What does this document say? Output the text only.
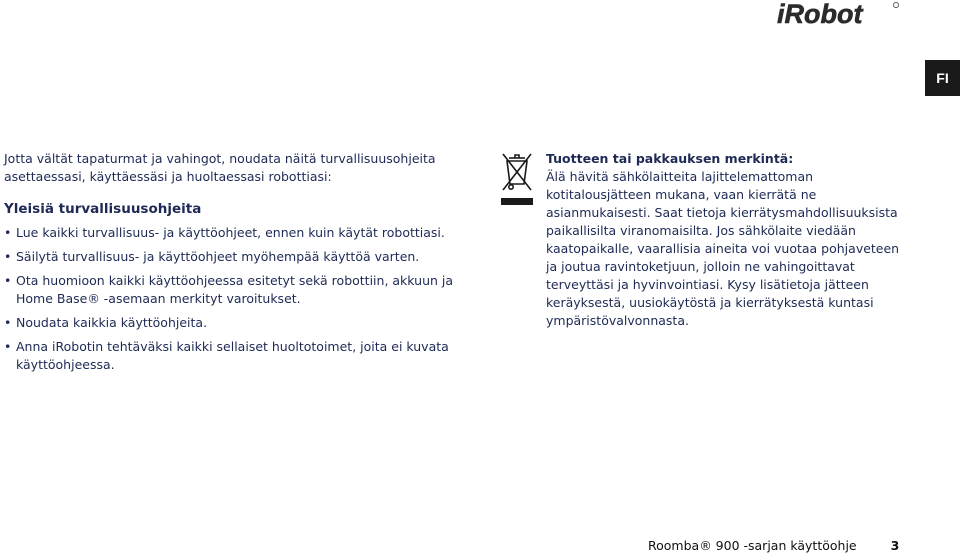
iRobot
FI

Jotta vältät tapaturmat ja vahingot, noudata näitä turvallisuusohjeita asettaessasi, käyttäessäsi ja huoltaessasi robottiasi:

Yleisiä turvallisuusohjeita
• Lue kaikki turvallisuus- ja käyttöohjeet, ennen kuin käytät robottiasi.
• Säilytä turvallisuus- ja käyttöohjeet myöhempää käyttöä varten.
• Ota huomioon kaikki käyttöohjeessa esitetyt sekä robottiin, akkuun ja Home Base® -asemaan merkityt varoitukset.
• Noudata kaikkia käyttöohjeita.
• Anna iRobotin tehtäväksi kaikki sellaiset huoltotoimet, joita ei kuvata käyttöohjeessa.

Tuotteen tai pakkauksen merkintä:

Älä hävitä sähkölaitteita lajittelemattoman kotitalousjätteen mukana, vaan kierrätä ne asianmukaisesti. Saat tietoja kierrätysmahdollisuuksista paikallisilta viranomaisilta. Jos sähkölaite viedään kaatopaikalle, vaarallisia aineita voi vuotaa pohjaveteen ja joutua ravintoketjuun, jolloin ne vahingoittavat terveyttäsi ja hyvinvointiasi. Kysy lisätietoja jätteen keräyksestä, uusiokäytöstä ja kierrätyksestä kuntasi ympäristövalvonnasta.

Roomba® 900 -sarjan käyttöohje	3
